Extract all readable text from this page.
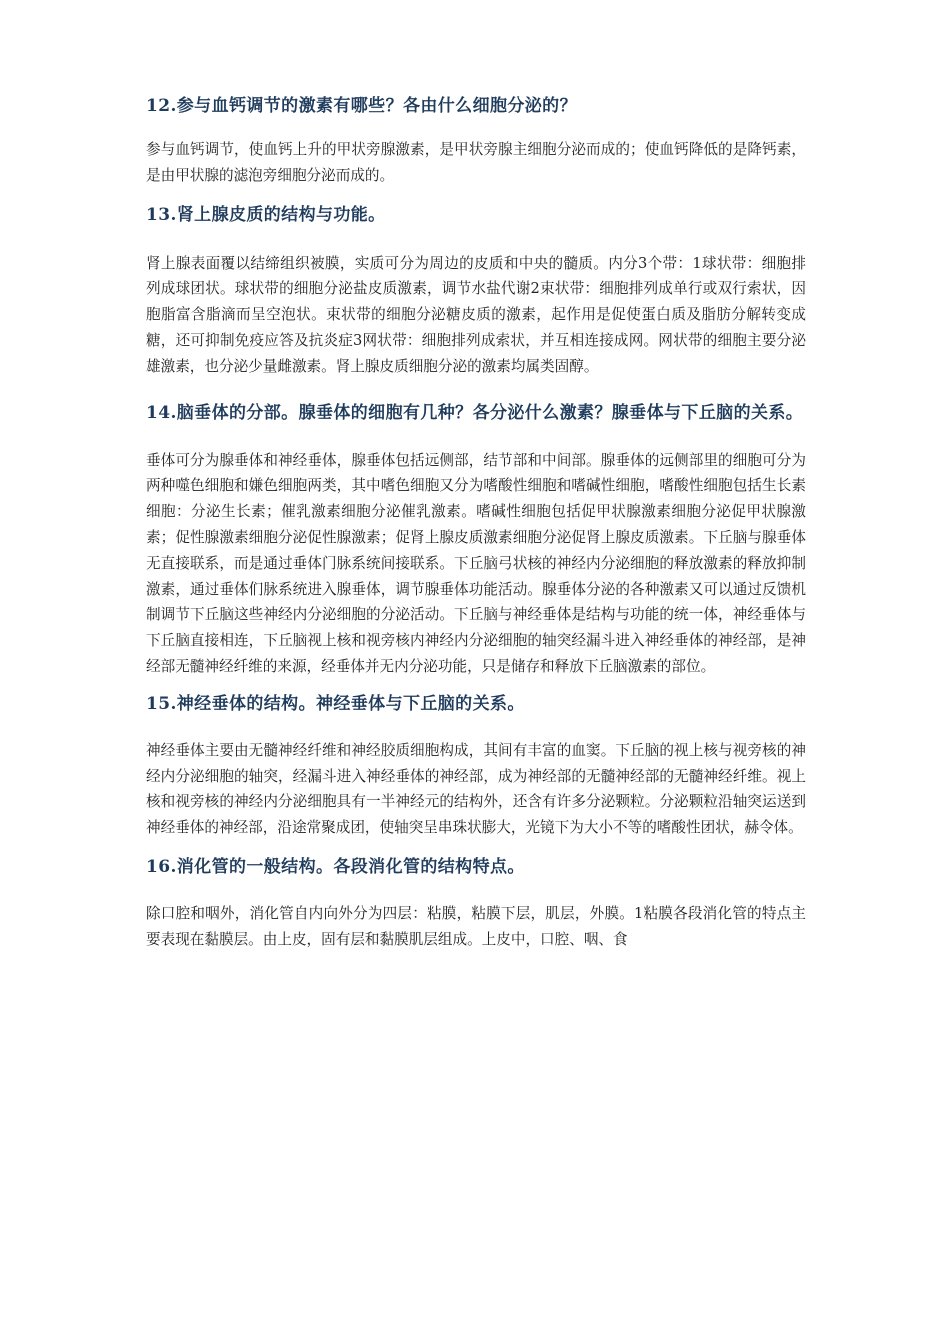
12.参与血钙调节的激素有哪些？各由什么细胞分泌的？

参与血钙调节，使血钙上升的甲状旁腺激素，是甲状旁腺主细胞分泌而成的；使血钙降低的是降钙素，是由甲状腺的滤泡旁细胞分泌而成的。

13.肾上腺皮质的结构与功能。

肾上腺表面覆以结缔组织被膜，实质可分为周边的皮质和中央的髓质。内分3个带：1球状带：细胞排列成球团状。球状带的细胞分泌盐皮质激素，调节水盐代谢2束状带：细胞排列成单行或双行索状，因胞脂富含脂滴而呈空泡状。束状带的细胞分泌糖皮质的激素，起作用是促使蛋白质及脂肪分解转变成糖，还可抑制免疫应答及抗炎症3网状带：细胞排列成索状，并互相连接成网。网状带的细胞主要分泌雄激素，也分泌少量雌激素。肾上腺皮质细胞分泌的激素均属类固醇。

14.脑垂体的分部。腺垂体的细胞有几种？各分泌什么激素？腺垂体与下丘脑的关系。

垂体可分为腺垂体和神经垂体，腺垂体包括远侧部，结节部和中间部。腺垂体的远侧部里的细胞可分为两种噬色细胞和嫌色细胞两类，其中嗜色细胞又分为嗜酸性细胞和嗜碱性细胞，嗜酸性细胞包括生长素细胞：分泌生长素；催乳激素细胞分泌催乳激素。嗜碱性细胞包括促甲状腺激素细胞分泌促甲状腺激素；促性腺激素细胞分泌促性腺激素；促肾上腺皮质激素细胞分泌促肾上腺皮质激素。下丘脑与腺垂体无直接联系，而是通过垂体门脉系统间接联系。下丘脑弓状核的神经内分泌细胞的释放激素的释放抑制激素，通过垂体们脉系统进入腺垂体，调节腺垂体功能活动。腺垂体分泌的各种激素又可以通过反馈机制调节下丘脑这些神经内分泌细胞的分泌活动。下丘脑与神经垂体是结构与功能的统一体，神经垂体与下丘脑直接相连，下丘脑视上核和视旁核内神经内分泌细胞的轴突经漏斗进入神经垂体的神经部，是神经部无髓神经纤维的来源，经垂体并无内分泌功能，只是储存和释放下丘脑激素的部位。

15.神经垂体的结构。神经垂体与下丘脑的关系。

神经垂体主要由无髓神经纤维和神经胶质细胞构成，其间有丰富的血窦。下丘脑的视上核与视旁核的神经内分泌细胞的轴突，经漏斗进入神经垂体的神经部，成为神经部的无髓神经部的无髓神经纤维。视上核和视旁核的神经内分泌细胞具有一半神经元的结构外，还含有许多分泌颗粒。分泌颗粒沿轴突运送到神经垂体的神经部，沿途常聚成团，使轴突呈串珠状膨大，光镜下为大小不等的嗜酸性团状，赫令体。

16.消化管的一般结构。各段消化管的结构特点。

除口腔和咽外，消化管自内向外分为四层：粘膜，粘膜下层，肌层，外膜。1粘膜各段消化管的特点主要表现在黏膜层。由上皮，固有层和黏膜肌层组成。上皮中，口腔、咽、食
